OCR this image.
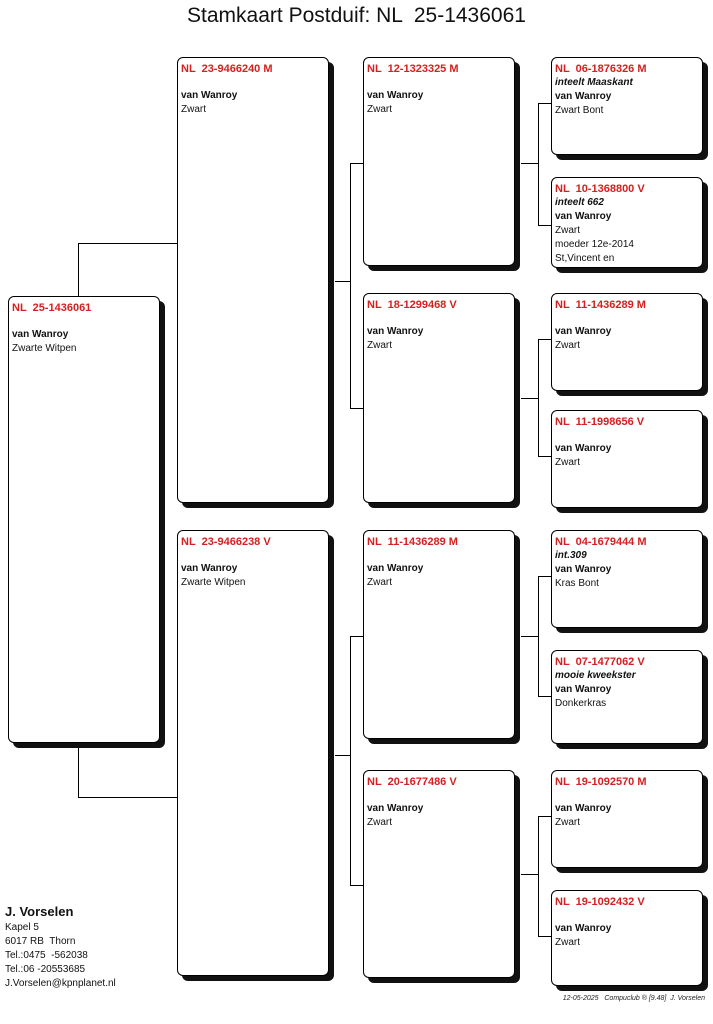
Stamkaart Postduif: NL  25-1436061
NL  25-1436061
van Wanroy
Zwarte Witpen
NL  23-9466240 M
van Wanroy
Zwart
NL  23-9466238 V
van Wanroy
Zwarte Witpen
NL  12-1323325 M
van Wanroy
Zwart
NL  18-1299468 V
van Wanroy
Zwart
NL  11-1436289 M
van Wanroy
Zwart
NL  20-1677486 V
van Wanroy
Zwart
NL  06-1876326 M
inteelt Maaskant
van Wanroy
Zwart Bont
NL  10-1368800 V
inteelt 662
van Wanroy
Zwart
moeder 12e-2014
St,Vincent en
NL  11-1436289 M
van Wanroy
Zwart
NL  11-1998656 V
van Wanroy
Zwart
NL  04-1679444 M
int.309
van Wanroy
Kras Bont
NL  07-1477062 V
mooie kweekster
van Wanroy
Donkerkras
NL  19-1092570 M
van Wanroy
Zwart
NL  19-1092432 V
van Wanroy
Zwart
J. Vorselen
Kapel 5
6017 RB  Thorn
Tel.:0475  -562038
Tel.:06 -20553685
J.Vorselen@kpnplanet.nl
12-05-2025   Compuclub ® [9.48]  J. Vorselen
